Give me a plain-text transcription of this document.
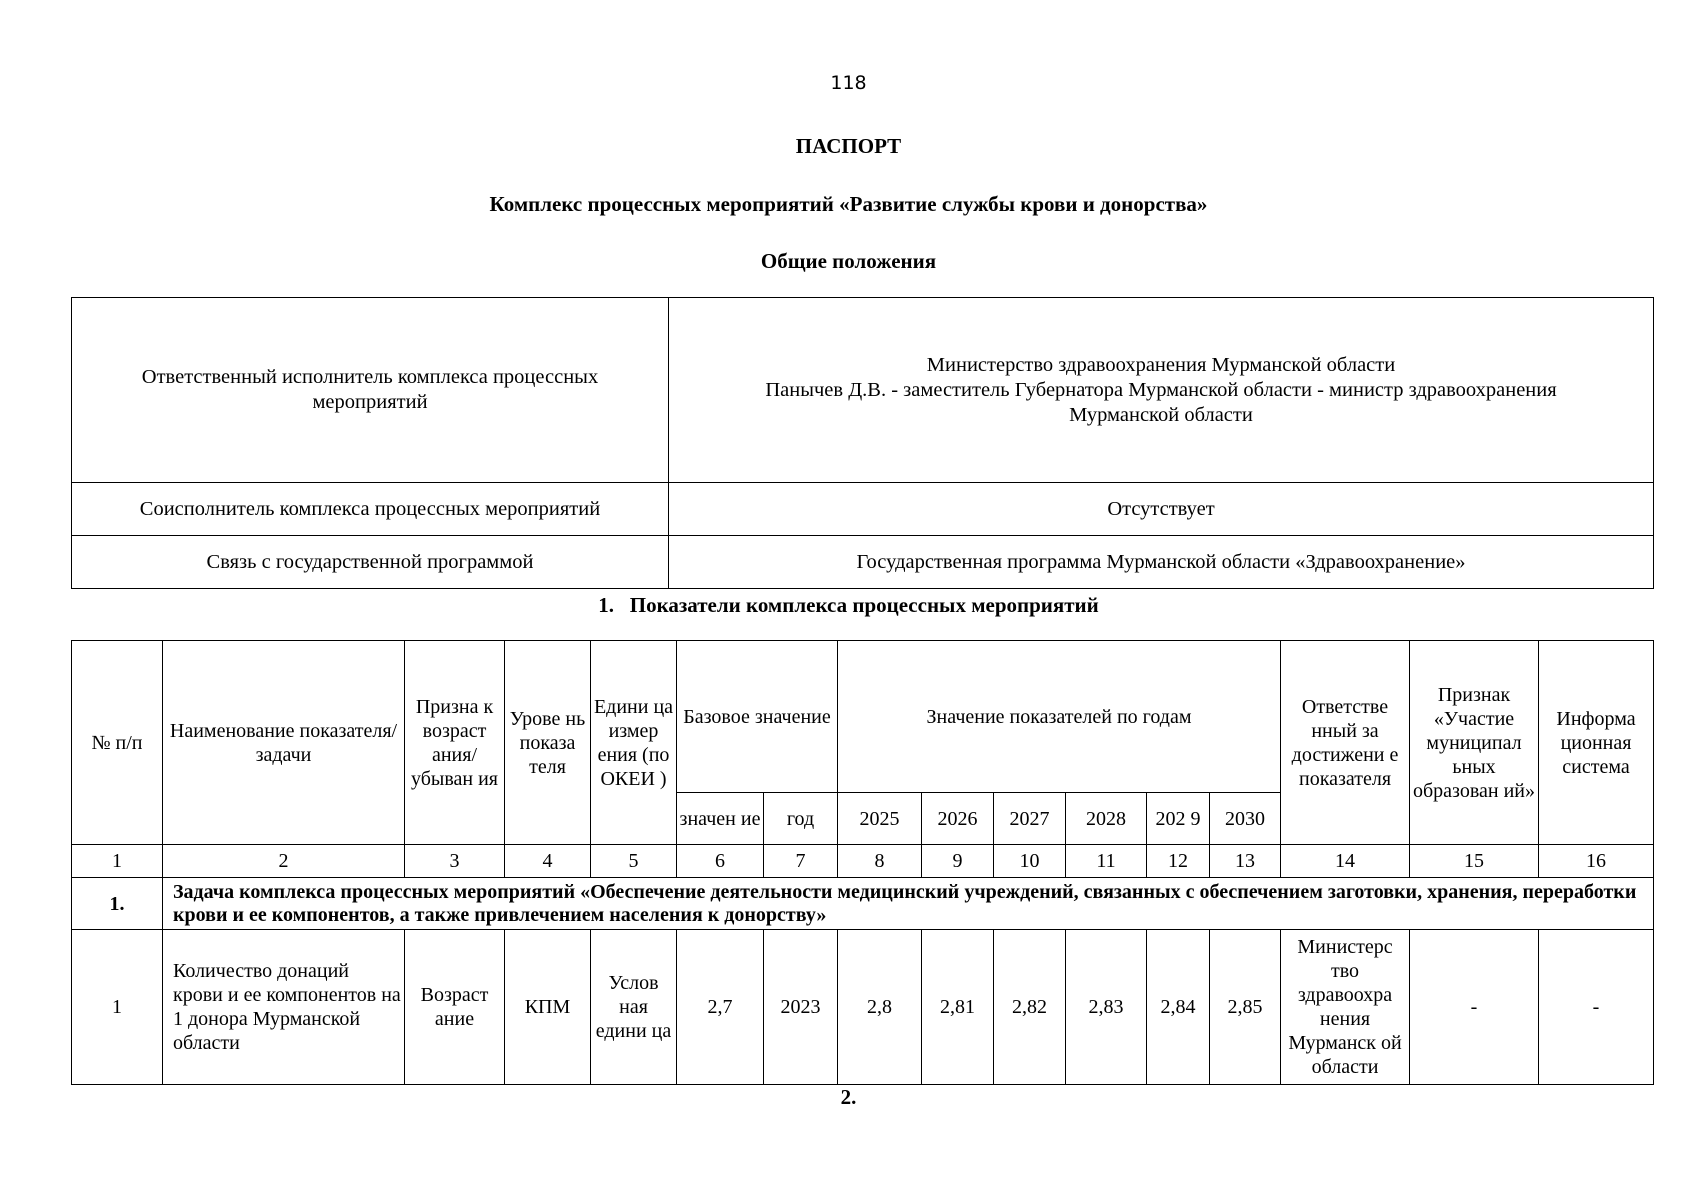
118
ПАСПОРТ
Комплекс процессных мероприятий «Развитие службы крови и донорства»
Общие положения
Ответственный исполнитель комплекса процессных мероприятий	Министерство здравоохранения Мурманской области
Панычев Д.В. - заместитель Губернатора Мурманской области - министр здравоохранения Мурманской области
Соисполнитель комплекса процессных мероприятий	Отсутствует
Связь с государственной программой	Государственная программа Мурманской области «Здравоохранение»
1.   Показатели комплекса процессных мероприятий
№ п/п	Наименование показателя/задачи	Призна к возраст ания/ убыван ия	Урове нь показа теля	Едини ца измер ения (по ОКЕИ )	Базовое значение		Значение показателей по годам						Ответстве нный за достижени е показателя	Признак «Участие муниципал ьных образован ий»	Информа ционная система
					значен ие	год	2025	2026	2027	2028	202 9	2030			
1	2	3	4	5	6	7	8	9	10	11	12	13	14	15	16
1.	Задача комплекса процессных мероприятий «Обеспечение деятельности медицинский учреждений, связанных с обеспечением заготовки, хранения, переработки крови и ее компонентов, а также привлечением населения к донорству»														
1	Количество донаций крови и ее компонентов на 1 донора Мурманской области	Возраст ание	КПМ	Услов ная едини ца	2,7	2023	2,8	2,81	2,82	2,83	2,84	2,85	Министерс тво здравоохра нения Мурманск ой области	-	-
2.
